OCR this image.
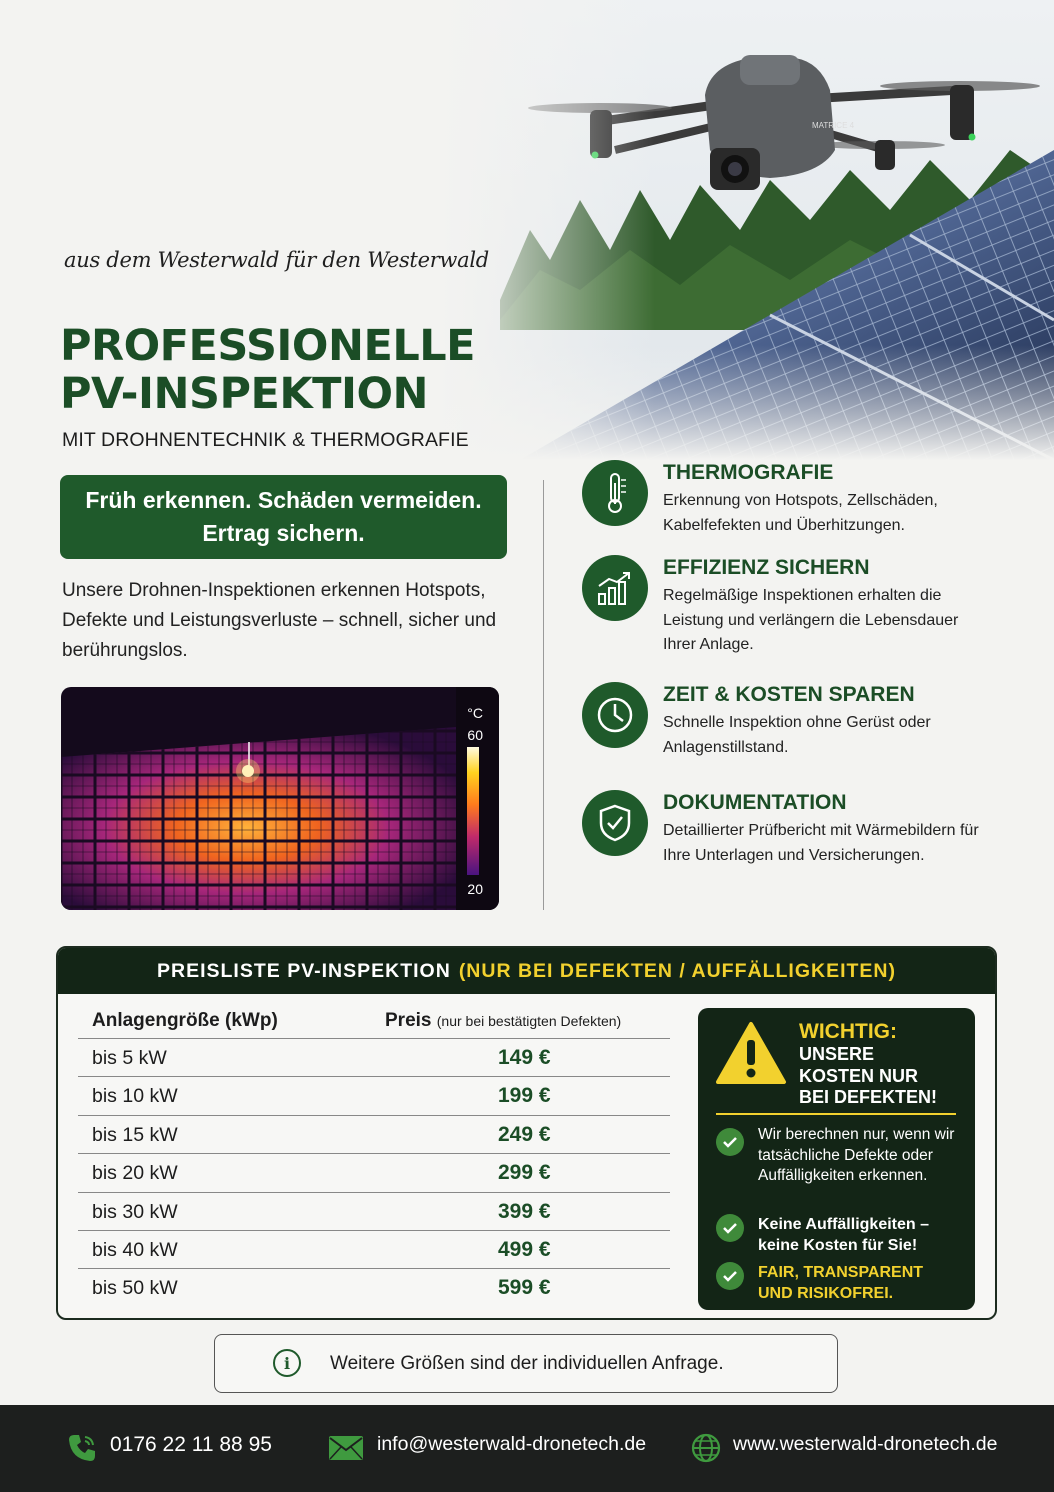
aus dem Westerwald für den Westerwald
PROFESSIONELLE
PV-INSPEKTION
MIT DROHNENTECHNIK & THERMOGRAFIE
Früh erkennen. Schäden vermeiden.
Ertrag sichern.
Unsere Drohnen-Inspektionen erkennen Hotspots, Defekte und Leistungsverluste – schnell, sicher und berührungslos.
°C
60
20
THERMOGRAFIE
Erkennung von Hotspots, Zellschäden, Kabelfefekten und Überhitzungen.
EFFIZIENZ SICHERN
Regelmäßige Inspektionen erhalten die Leistung und verlängern die Lebensdauer Ihrer Anlage.
ZEIT & KOSTEN SPAREN
Schnelle Inspektion ohne Gerüst oder Anlagenstillstand.
DOKUMENTATION
Detaillierter Prüfbericht mit Wärmebildern für Ihre Unterlagen und Versicherungen.
PREISLISTE PV-INSPEKTION (NUR BEI DEFEKTEN / AUFFÄLLIGKEITEN)
Anlagengröße (kWp)	Preis (nur bei bestätigten Defekten)
bis 5 kW	149 €
bis 10 kW	199 €
bis 15 kW	249 €
bis 20 kW	299 €
bis 30 kW	399 €
bis 40 kW	499 €
bis 50 kW	599 €
WICHTIG:
UNSERE
KOSTEN NUR
BEI DEFEKTEN!
Wir berechnen nur, wenn wir tatsächliche Defekte oder Auffälligkeiten erkennen.
Keine Auffälligkeiten – keine Kosten für Sie!
FAIR, TRANSPARENT UND RISIKOFREI.
i	Weitere Größen sind der individuellen Anfrage.
0176 22 11 88 95	info@westerwald-dronetech.de	www.westerwald-dronetech.de
